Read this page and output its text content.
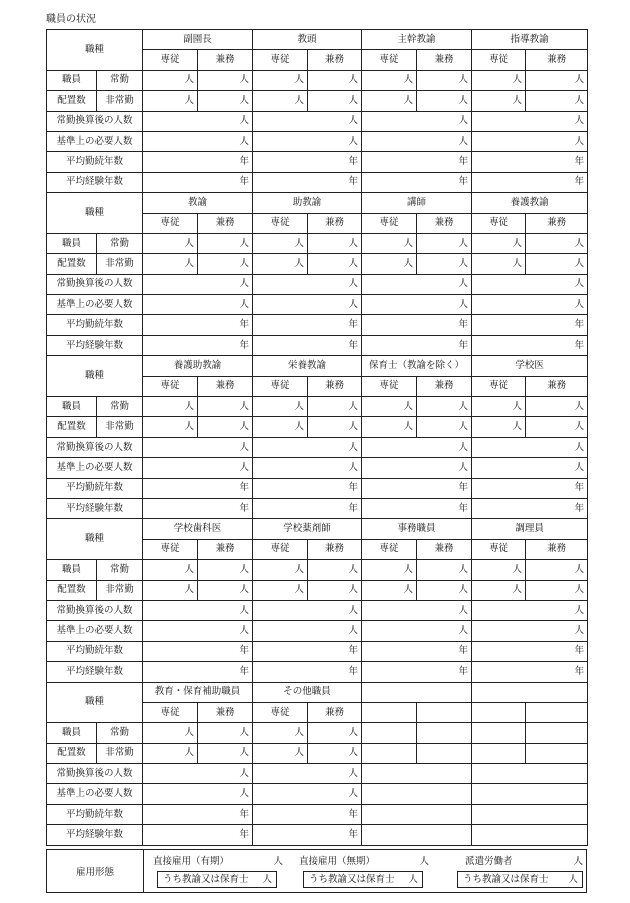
職員の状況
職種		副園長		教頭		主幹教諭		指導教諭	
		専従	兼務	専従	兼務	専従	兼務	専従	兼務
職員	常勤	人	人	人	人	人	人	人	人
配置数	非常勤	人	人	人	人	人	人	人	人
常勤換算後の人数		人		人		人		人	
基準上の必要人数		人		人		人		人	
平均勤続年数		年		年		年		年	
平均経験年数		年		年		年		年	
職種		教諭		助教諭		講師		養護教諭	
		専従	兼務	専従	兼務	専従	兼務	専従	兼務
職員	常勤	人	人	人	人	人	人	人	人
配置数	非常勤	人	人	人	人	人	人	人	人
常勤換算後の人数		人		人		人		人	
基準上の必要人数		人		人		人		人	
平均勤続年数		年		年		年		年	
平均経験年数		年		年		年		年	
職種		養護助教諭		栄養教諭		保育士（教諭を除く）		学校医	
		専従	兼務	専従	兼務	専従	兼務	専従	兼務
職員	常勤	人	人	人	人	人	人	人	人
配置数	非常勤	人	人	人	人	人	人	人	人
常勤換算後の人数		人		人		人		人	
基準上の必要人数		人		人		人		人	
平均勤続年数		年		年		年		年	
平均経験年数		年		年		年		年	
職種		学校歯科医		学校薬剤師		事務職員		調理員	
		専従	兼務	専従	兼務	専従	兼務	専従	兼務
職員	常勤	人	人	人	人	人	人	人	人
配置数	非常勤	人	人	人	人	人	人	人	人
常勤換算後の人数		人		人		人		人	
基準上の必要人数		人		人		人		人	
平均勤続年数		年		年		年		年	
平均経験年数		年		年		年		年	
職種		教育・保育補助職員		その他職員					
		専従	兼務	専従	兼務				
職員	常勤	人	人	人	人				
配置数	非常勤	人	人	人	人				
常勤換算後の人数		人		人					
基準上の必要人数		人		人					
平均勤続年数		年		年					
平均経験年数		年		年					
雇用形態
直接雇用（有期）	人
うち教諭又は保育士 人
直接雇用（無期）	人
うち教諭又は保育士 人
派遣労働者	人
うち教諭又は保育士 人
